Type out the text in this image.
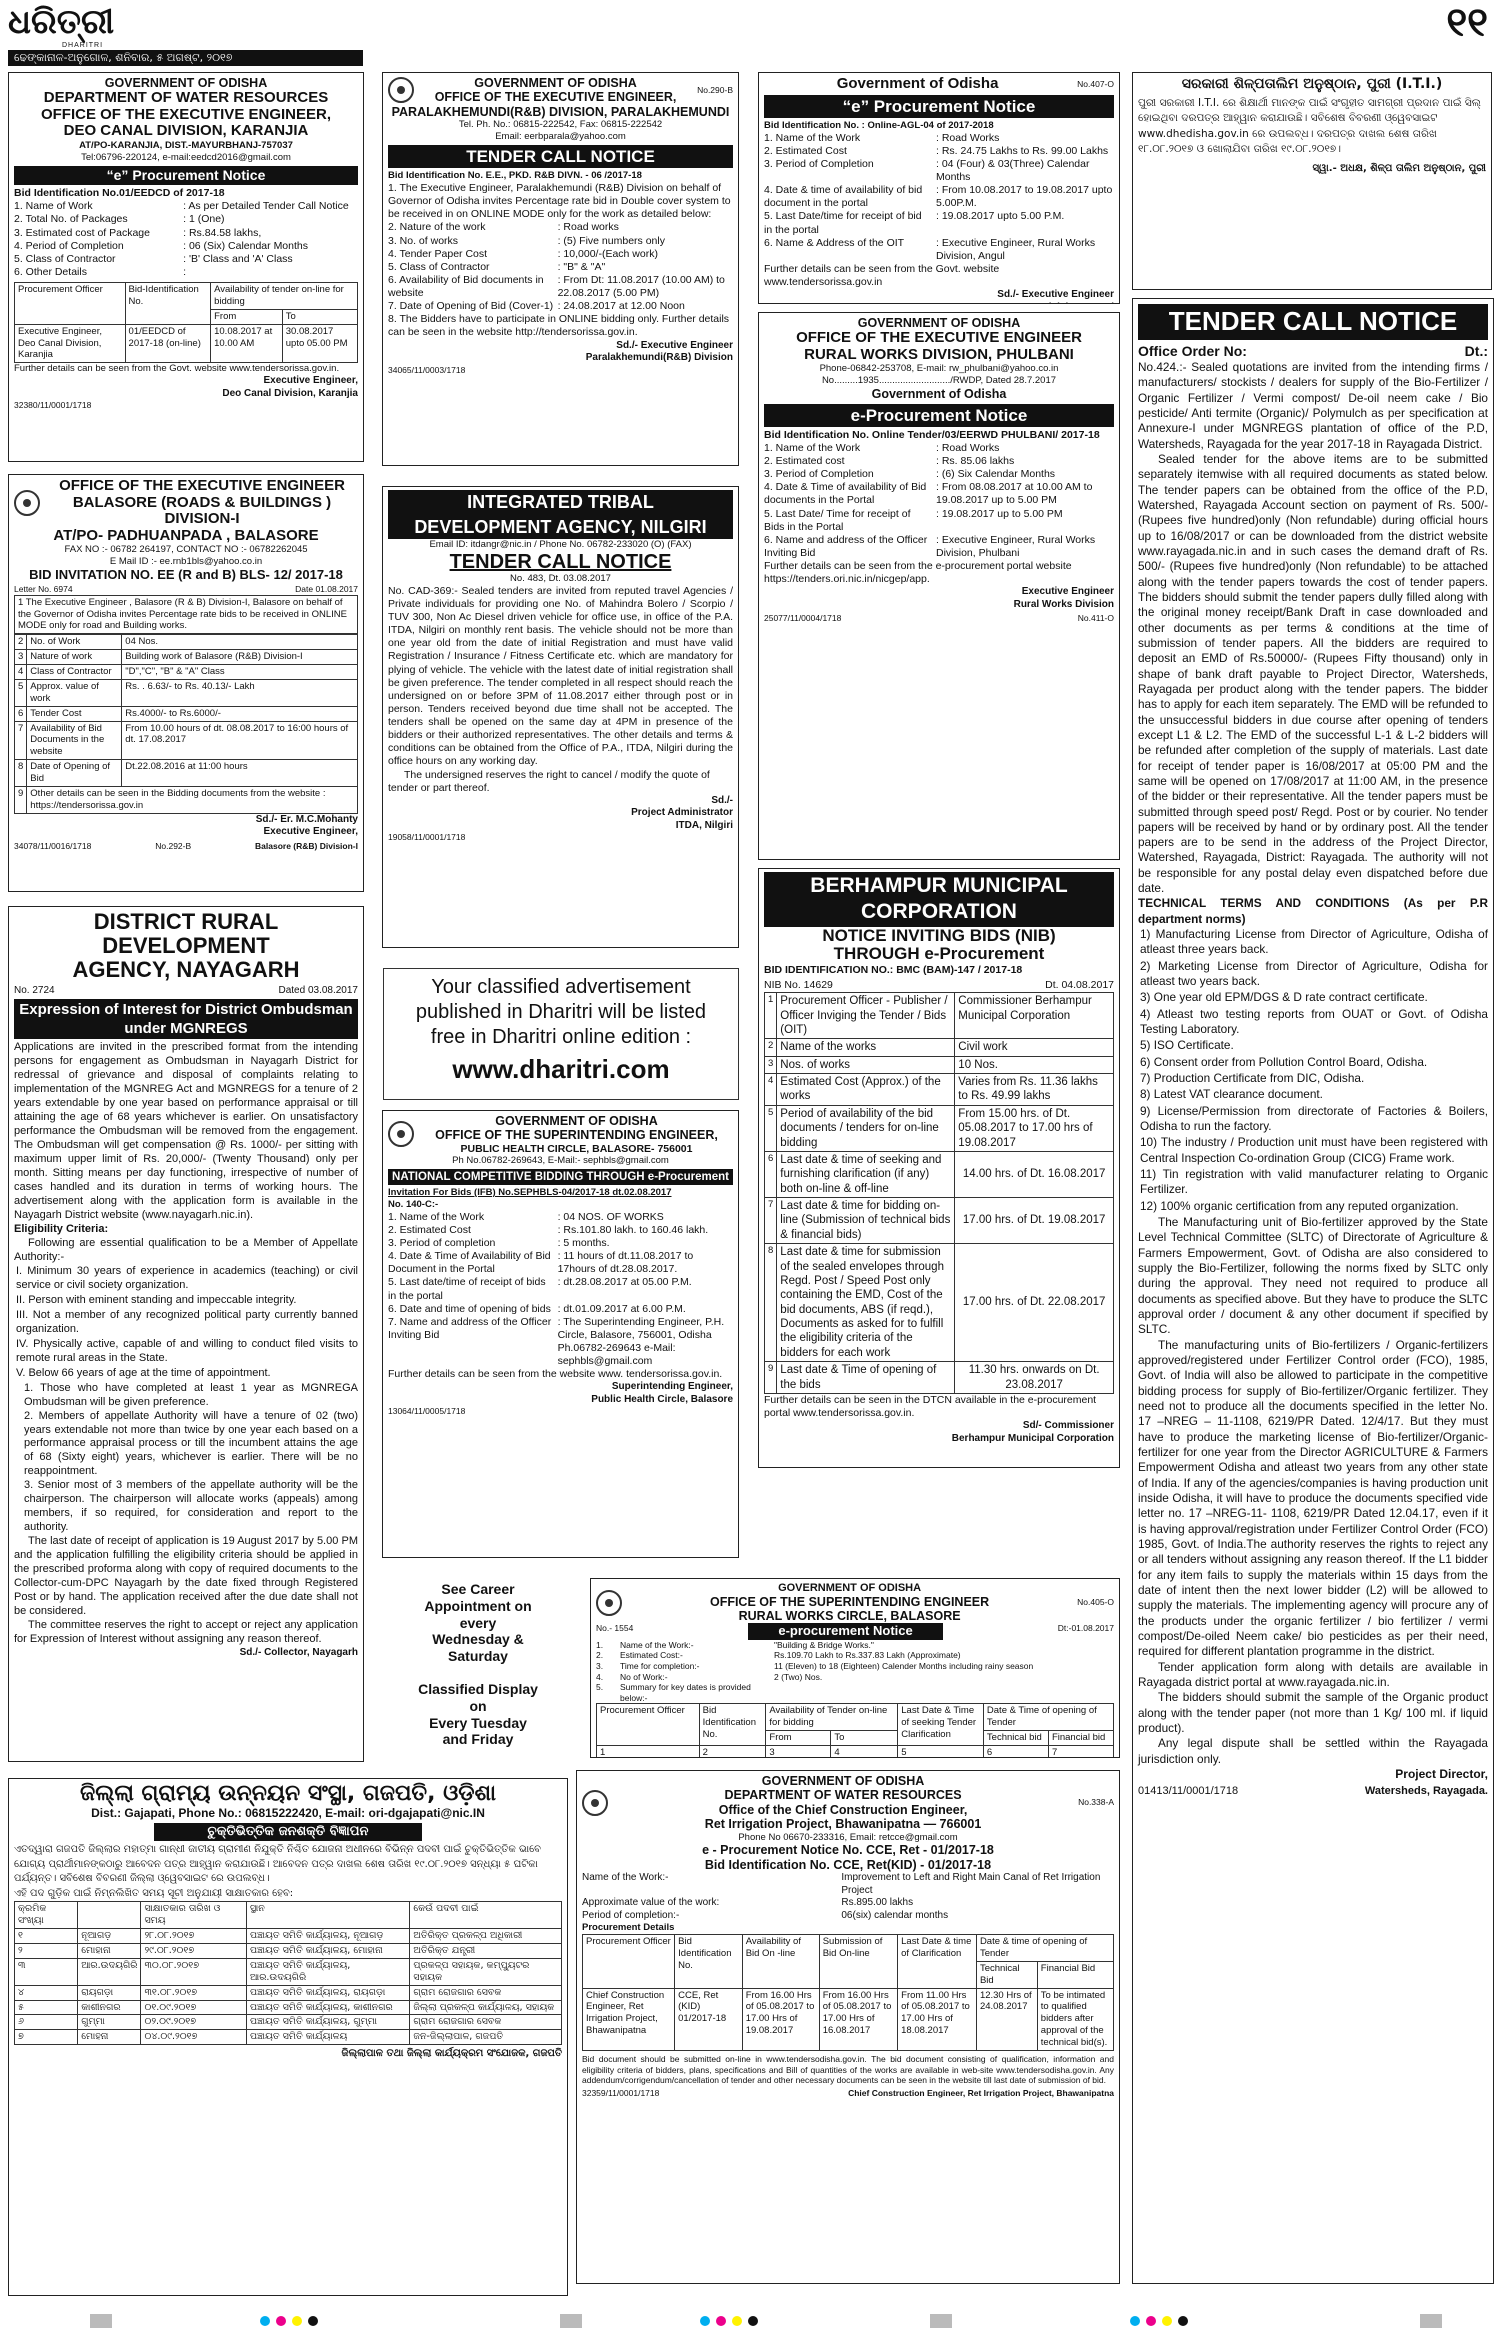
ଧରିତ୍ରୀ
DHARITRI
ଢେଙ୍କାନାଳ-ଅନୁଗୋଳ, ଶନିବାର, ୫ ଅଗଷ୍ଟ, ୨୦୧୭
୧୧
GOVERNMENT OF ODISHA
DEPARTMENT OF WATER RESOURCES
OFFICE OF THE EXECUTIVE ENGINEER,
DEO CANAL DIVISION, KARANJIA
AT/PO-KARANJIA, DIST.-MAYURBHANJ-757037
Tel:06796-220124, e-mail:eedcd2016@gmail.com
“e” Procurement Notice
Bid Identification No.01/EEDCD of 2017-18
1. Name of Work	: As per Detailed Tender Call Notice
2. Total No. of Packages	: 1 (One)
3. Estimated cost of Package	: Rs.84.58 lakhs,
4. Period of Completion	: 06 (Six) Calendar Months
5. Class of Contractor	: 'B' Class and 'A' Class
6. Other Details	:
Procurement Officer	Bid-Identification No.	Availability of tender on-line for bidding	
		From	To
Executive Engineer, Deo Canal Division, Karanjia	01/EEDCD of 2017-18 (on-line)	10.08.2017 at 10.00 AM	30.08.2017 upto 05.00 PM
Further details can be seen from the Govt. website www.tendersorissa.gov.in.
Executive Engineer,
Deo Canal Division, Karanjia
32380/11/0001/1718
GOVERNMENT OF ODISHA
OFFICE OF THE EXECUTIVE ENGINEER,
No.290-B
PARALAKHEMUNDI(R&B) DIVISION, PARALAKHEMUNDI
Tel. Ph. No.: 06815-222542, Fax: 06815-222542
Email: eerbparala@yahoo.com
TENDER CALL NOTICE
Bid Identification No. E.E., PKD. R&B DIVN. - 06 /2017-18
1. The Executive Engineer, Paralakhemundi (R&B) Division on behalf of Governor of Odisha invites Percentage rate bid in Double cover system to be received in on ONLINE MODE only for the work as detailed below:
2. Nature of the work	: Road works
3. No. of works	: (5) Five numbers only
4. Tender Paper Cost	: 10,000/-(Each work)
5. Class of Contractor	: "B" & "A"
6. Availability of Bid documents in website
: From Dt: 11.08.2017 (10.00 AM) to 22.08.2017 (5.00 PM)
7. Date of Opening of Bid (Cover-1) : 24.08.2017 at 12.00 Noon
8. The Bidders have to participate in ONLINE bidding only. Further details can be seen in the website http://tendersorissa.gov.in.
Sd./- Executive Engineer
Paralakhemundi(R&B) Division
34065/11/0003/1718
Government of Odisha	No.407-O
“e” Procurement Notice
Bid Identification No. : Online-AGL-04 of 2017-2018
1. Name of the Work	: Road Works
2. Estimated Cost	: Rs. 24.75 Lakhs to Rs. 99.00 Lakhs
3. Period of Completion	: 04 (Four) & 03(Three) Calendar Months
4. Date & time of availability of bid document in the portal
: From 10.08.2017 to 19.08.2017 upto 5.00P.M.
5. Last Date/time for receipt of bid in the portal
: 19.08.2017 upto 5.00 P.M.
6. Name & Address of the OIT	: Executive Engineer, Rural Works Division, Angul
Further details can be seen from the Govt. website www.tendersorissa.gov.in
Sd./- Executive Engineer
ସରକାରୀ ଶିଳ୍ପତାଲିମ ଅନୁଷ୍ଠାନ, ପୁରୀ (I.T.I.)
ପୁରୀ ସରକାରୀ I.T.I. ରେ ଶିକ୍ଷାର୍ଥୀ ମାନଙ୍କ ପାଇଁ ସଂଗୃହୀତ ସାମଗ୍ରୀ ପ୍ରଦାନ ପାଇଁ ସିଲ୍ ହୋଇଥିବା ଦରପତ୍ର ଆହ୍ୱାନ କରାଯାଉଛି। ସବିଶେଷ ବିବରଣୀ ଓ୍ୱେବସାଇଟ www.dhedisha.gov.in ରେ ଉପଲବ୍ଧ। ଦରପତ୍ର ଦାଖଲ ଶେଷ ତାରିଖ ୧୮.୦୮.୨୦୧୭ ଓ ଖୋଲାଯିବା ତାରିଖ ୧୯.୦୮.୨୦୧୭।
ସ୍ୱା.- ଅଧକ୍ଷ, ଶିଳ୍ପ ତାଲିମ ଅନୁଷ୍ଠାନ, ପୁରୀ
GOVERNMENT OF ODISHA
OFFICE OF THE EXECUTIVE ENGINEER
RURAL WORKS DIVISION, PHULBANI
Phone-06842-253708, E-mail: rw_phulbani@yahoo.co.in
No.........1935.........................../RWDP, Dated 28.7.2017
Government of Odisha
e-Procurement Notice
Bid Identification No. Online Tender/03/EERWD PHULBANI/ 2017-18
1. Name of the Work	: Road Works
2. Estimated cost	: Rs. 85.06 lakhs
3. Period of Completion	: (6) Six Calendar Months
4. Date & Time of availability of Bid documents in the Portal
: From 08.08.2017 at 10.00 AM to 19.08.2017 up to 5.00 PM
5. Last Date/ Time for receipt of Bids in the Portal
: 19.08.2017 up to 5.00 PM
6. Name and address of the Officer Inviting Bid
: Executive Engineer, Rural Works Division, Phulbani
Further details can be seen from the e-procurement portal website https://tenders.ori.nic.in/nicgep/app.
Executive Engineer
Rural Works Division
25077/11/0004/1718	No.411-O
TENDER CALL NOTICE
Office Order No:	Dt.:
No.424.:- Sealed quotations are invited from the intending firms / manufacturers/ stockists / dealers for supply of the Bio-Fertilizer / Organic Fertilizer / Vermi compost/ De-oil neem cake / Bio pesticide/ Anti termite (Organic)/ Polymulch as per specification at Annexure-I under MGNREGS plantation of office of the P.D, Watersheds, Rayagada for the year 2017-18 in Rayagada District.
Sealed tender for the above items are to be submitted separately itemwise with all required documents as stated below. The tender papers can be obtained from the office of the P.D, Watershed, Rayagada Account section on payment of Rs. 500/- (Rupees five hundred)only (Non refundable) during official hours up to 16/08/2017 or can be downloaded from the district website www.rayagada.nic.in and in such cases the demand draft of Rs. 500/- (Rupees five hundred)only (Non refundable) to be attached along with the tender papers towards the cost of tender papers. The bidders should submit the tender papers dully filled along with the original money receipt/Bank Draft in case downloaded and other documents as per terms & conditions at the time of submission of tender papers. All the bidders are required to deposit an EMD of Rs.50000/- (Rupees Fifty thousand) only in shape of bank draft payable to Project Director, Watersheds, Rayagada per product along with the tender papers. The bidder has to apply for each item separately. The EMD will be refunded to the unsuccessful bidders in due course after opening of tenders except L1 & L2. The EMD of the successful L-1 & L-2 bidders will be refunded after completion of the supply of materials. Last date for receipt of tender paper is 16/08/2017 at 05:00 PM and the same will be opened on 17/08/2017 at 11:00 AM, in the presence of the bidder or their representative. All the tender papers must be submitted through speed post/ Regd. Post or by courier. No tender papers will be received by hand or by ordinary post. All the tender papers are to be send in the address of the Project Director, Watershed, Rayagada, District: Rayagada. The authority will not be responsible for any postal delay even dispatched before due date.
TECHNICAL TERMS AND CONDITIONS (As per P.R department norms)
1) Manufacturing License from Director of Agriculture, Odisha of atleast three years back.
2) Marketing License from Director of Agriculture, Odisha for atleast two years back.
3) One year old EPM/DGS & D rate contract certificate.
4) Atleast two testing reports from OUAT or Govt. of Odisha Testing Laboratory.
5) ISO Certificate.
6) Consent order from Pollution Control Board, Odisha.
7) Production Certificate from DIC, Odisha.
8) Latest VAT clearance document.
9) License/Permission from directorate of Factories & Boilers, Odisha to run the factory.
10) The industry / Production unit must have been registered with Central Inspection Co-ordination Group (CICG) Frame work.
11) Tin registration with valid manufacturer relating to Organic Fertilizer.
12) 100% organic certification from any reputed organization.
The Manufacturing unit of Bio-fertilizer approved by the State Level Technical Committee (SLTC) of Directorate of Agriculture & Farmers Empowerment, Govt. of Odisha are also considered to supply the Bio-Fertilizer, following the norms fixed by SLTC only during the approval. They need not required to produce all documents as specified above. But they have to produce the SLTC approval order / document & any other document if specified by SLTC.
The manufacturing units of Bio-fertilizers / Organic-fertilizers approved/registered under Fertilizer Control order (FCO), 1985, Govt. of India will also be allowed to participate in the competitive bidding process for supply of Bio-fertilizer/Organic fertilizer. They need not to produce all the documents specified in the letter No. 17 –NREG – 11-1108, 6219/PR Dated. 12/4/17. But they must have to produce the marketing license of Bio-fertilizer/Organic-fertilizer for one year from the Director AGRICULTURE & Farmers Empowerment Odisha and atleast two years from any other state of India. If any of the agencies/companies is having production unit inside Odisha, it will have to produce the documents specified vide letter no. 17 –NREG-11- 1108, 6219/PR Dated 12.04.17, even if it is having approval/registration under Fertilizer Control Order (FCO) 1985, Govt. of India.The authority reserves the rights to reject any or all tenders without assigning any reason thereof. If the L1 bidder for any item fails to supply the materials within 15 days from the date of intent then the next lower bidder (L2) will be allowed to supply the materials. The implementing agency will procure any of the products under the organic fertilizer / bio fertilizer / vermi compost/De-oiled Neem cake/ bio pesticides as per their need, required for different plantation programme in the district.
Tender application form along with details are available in Rayagada district portal at www.rayagada.nic.in.
The bidders should submit the sample of the Organic product along with the tender paper (not more than 1 Kg/ 100 ml. if liquid product).
Any legal dispute shall be settled within the Rayagada jurisdiction only.
Project Director,
01413/11/0001/1718	Watersheds, Rayagada.
OFFICE OF THE EXECUTIVE ENGINEER
BALASORE (ROADS & BUILDINGS ) DIVISION-I
AT/PO- PADHUANPADA , BALASORE
FAX NO :- 06782 264197, CONTACT NO :- 06782262045
E Mail ID :- ee.rnb1bls@yahoo.co.in
BID INVITATION NO. EE (R and B) BLS- 12/ 2017-18
Letter No. 6974	Date 01.08.2017
1 The Executive Engineer , Balasore (R & B) Division-I, Balasore on behalf of the Governor of Odisha invites Percentage rate bids to be received in ONLINE MODE only for road and Building works.
2	No. of Work	04 Nos.
3	Nature of work	Building work of Balasore (R&B) Division-I
4	Class of Contractor	"D","C", "B" & "A" Class
5	Approx. value of work	Rs. . 6.63/- to Rs. 40.13/- Lakh
6	Tender Cost	Rs.4000/- to Rs.6000/-
7	Availability of Bid Documents in the website	From 10.00 hours of dt. 08.08.2017 to 16:00 hours of dt. 17.08.2017
8	Date of Opening of Bid	Dt.22.08.2016 at 11:00 hours
9	Other details can be seen in the Bidding documents from the website : https://tendersorissa.gov.in	
Sd./- Er. M.C.Mohanty
Executive Engineer,
34078/11/0016/1718	No.292-B	Balasore (R&B) Division-I
INTEGRATED TRIBAL
DEVELOPMENT AGENCY, NILGIRI
Email ID: itdangr@nic.in / Phone No. 06782-233020 (O) (FAX)
TENDER CALL NOTICE
No. 483, Dt. 03.08.2017
No. CAD-369:- Sealed tenders are invited from reputed travel Agencies / Private individuals for providing one No. of Mahindra Bolero / Scorpio / TUV 300, Non Ac Diesel driven vehicle for office use, in office of the P.A. ITDA, Nilgiri on monthly rent basis. The vehicle should not be more than one year old from the date of initial Registration and must have valid Registration / Insurance / Fitness Certificate etc. which are mandatory for plying of vehicle. The vehicle with the latest date of initial registration shall be given preference. The tender completed in all respect should reach the undersigned on or before 3PM of 11.08.2017 either through post or in person. Tenders received beyond due time shall not be accepted. The tenders shall be opened on the same day at 4PM in presence of the bidders or their authorized representatives. The other details and terms & conditions can be obtained from the Office of P.A., ITDA, Nilgiri during the office hours on any working day.
The undersigned reserves the right to cancel / modify the quote of tender or part thereof.
Sd./-
Project Administrator
ITDA, Nilgiri
19058/11/0001/1718
DISTRICT RURAL DEVELOPMENT
AGENCY, NAYAGARH
No. 2724	Dated 03.08.2017
Expression of Interest for District Ombudsman under MGNREGS
Applications are invited in the prescribed format from the intending persons for engagement as Ombudsman in Nayagarh District for redressal of grievance and disposal of complaints relating to implementation of the MGNREG Act and MGNREGS for a tenure of 2 years extendable by one year based on performance appraisal or till attaining the age of 68 years whichever is earlier. On unsatisfactory performance the Ombudsman will be removed from the engagement. The Ombudsman will get compensation @ Rs. 1000/- per sitting with maximum upper limit of Rs. 20,000/- (Twenty Thousand) only per month. Sitting means per day functioning, irrespective of number of cases handled and its duration in terms of working hours. The advertisement along with the application form is available in the Nayagarh District website (www.nayagarh.nic.in).
Eligibility Criteria:
Following are essential qualification to be a Member of Appellate Authority:-
I. Minimum 30 years of experience in academics (teaching) or civil service or civil society organization.
II. Person with eminent standing and impeccable integrity.
III. Not a member of any recognized political party currently banned organization.
IV. Physically active, capable of and willing to conduct filed visits to remote rural areas in the State.
V. Below 66 years of age at the time of appointment.
1. Those who have completed at least 1 year as MGNREGA Ombudsman will be given preference.
2. Members of appellate Authority will have a tenure of 02 (two) years extendable not more than twice by one year each based on a performance appraisal process or till the incumbent attains the age of 68 (Sixty eight) years, whichever is earlier. There will be no reappointment.
3. Senior most of 3 members of the appellate authority will be the chairperson. The chairperson will allocate works (appeals) among members, if so required, for consideration and report to the authority.
The last date of receipt of application is 19 August 2017 by 5.00 PM and the application fulfilling the eligibility criteria should be applied in the prescribed proforma along with copy of required documents to the Collector-cum-DPC Nayagarh by the date fixed through Registered Post or by hand. The application received after the due date shall not be considered.
The committee reserves the right to accept or reject any application for Expression of Interest without assigning any reason thereof.
Sd./- Collector, Nayagarh
Your classified advertisement
published in Dharitri will be listed
free in Dharitri online edition :
www.dharitri.com
BERHAMPUR MUNICIPAL CORPORATION
NOTICE INVITING BIDS (NIB)
THROUGH e-Procurement
BID IDENTIFICATION NO.: BMC (BAM)-147 / 2017-18
NIB No. 14629	Dt. 04.08.2017
1	Procurement Officer - Publisher / Officer Inviging the Tender / Bids (OIT)	Commissioner Berhampur Municipal Corporation
2	Name of the works	Civil work
3	Nos. of works	10 Nos.
4	Estimated Cost (Approx.) of the works	Varies from Rs. 11.36 lakhs to Rs. 49.99 lakhs
5	Period of availability of the bid documents / tenders for on-line bidding	From 15.00 hrs. of Dt. 05.08.2017 to 17.00 hrs of 19.08.2017
6	Last date & time of seeking and furnishing clarification (if any) both on-line & off-line	14.00 hrs. of Dt. 16.08.2017
7	Last date & time for bidding on-line (Submission of technical bids & financial bids)	17.00 hrs. of Dt. 19.08.2017
8	Last date & time for submission of the sealed envelopes through Regd. Post / Speed Post only containing the EMD, Cost of the bid documents, ABS (if reqd.), Documents as asked for to fulfill the eligibility criteria of the bidders for each work	17.00 hrs. of Dt. 22.08.2017
9	Last date & Time of opening of the bids	11.30 hrs. onwards on Dt. 23.08.2017
Further details can be seen in the DTCN available in the e-procurement portal www.tendersorissa.gov.in.
Sd/- Commissioner
Berhampur Municipal Corporation
GOVERNMENT OF ODISHA
OFFICE OF THE SUPERINTENDING ENGINEER,
PUBLIC HEALTH CIRCLE, BALASORE- 756001
Ph No.06782-269643, E-Mail:- sephbls@gmail.com
NATIONAL COMPETITIVE BIDDING THROUGH e-Procurement
Invitation For Bids (IFB) No.SEPHBLS-04/2017-18 dt.02.08.2017
No. 140-C:-
1. Name of the Work	: 04 NOS. OF WORKS
2. Estimated Cost	: Rs.101.80 lakh. to 160.46 lakh.
3. Period of completion	: 5 months.
4. Date & Time of Availability of Bid Document in the Portal
: 11 hours of dt.11.08.2017 to 17hours of dt.28.08.2017.
5. Last date/time of receipt of bids in the portal
: dt.28.08.2017 at 05.00 P.M.
6. Date and time of opening of bids : dt.01.09.2017 at 6.00 P.M.
7. Name and address of the Officer Inviting Bid
: The Superintending Engineer, P.H. Circle, Balasore, 756001, Odisha Ph.06782-269643 e-Mail: sephbls@gmail.com
Further details can be seen from the website www. tendersorissa.gov.in.
Superintending Engineer,
Public Health Circle, Balasore
13064/11/0005/1718
See Career
Appointment on
every
Wednesday &
Saturday
Classified Display
on
Every Tuesday
and Friday
GOVERNMENT OF ODISHA
OFFICE OF THE SUPERINTENDING ENGINEER
RURAL WORKS CIRCLE, BALASORE
No.405-O
No.- 1554	e-procurement Notice	Dt:-01.08.2017
1.	Name of the Work:-	"Building & Bridge Works."
2.	Estimated Cost:-	Rs.109.70 Lakh to Rs.337.83 Lakh (Approximate)
3.	Time for completion:-	11 (Eleven) to 18 (Eighteen) Calender Months including rainy season
4.	No of Work:-	2 (Two) Nos.
5.	Summary for key dates is provided below:-
Procurement Officer	Bid Identification No.	Availability of Tender on-line for bidding		Last Date & Time of seeking Tender Clarification	Date & Time of opening of Tender	
		From	To		Technical bid	Financial bid
1	2	3	4	5	6	7

ଜିଲ୍ଲା ଗ୍ରାମ୍ୟ ଉନ୍ନୟନ ସଂସ୍ଥା, ଗଜପତି, ଓଡ଼ିଶା
Dist.: Gajapati, Phone No.: 06815222420, E-mail: ori-dgajapati@nic.IN
ଚୁକ୍ତିଭିତ୍ତିକ ଜନଶକ୍ତି ବିଜ୍ଞାପନ
ଏତଦ୍ୱାରା ଗଜପତି ଜିଲ୍ଲାର ମହାତ୍ମା ଗାନ୍ଧୀ ଜାତୀୟ ଗ୍ରାମୀଣ ନିଯୁକ୍ତି ନିଶ୍ଚିତ ଯୋଜନା ଅଧୀନରେ ବିଭିନ୍ନ ପଦବୀ ପାଇଁ ଚୁକ୍ତିଭିତ୍ତିକ ଭାବେ ଯୋଗ୍ୟ ପ୍ରାର୍ଥୀମାନଙ୍କଠାରୁ ଆବେଦନ ପତ୍ର ଆହ୍ୱାନ କରାଯାଉଛି। ଆବେଦନ ପତ୍ର ଦାଖଲ ଶେଷ ତାରିଖ ୧୯.୦୮.୨୦୧୭ ସନ୍ଧ୍ୟା ୫ ଘଟିକା ପର୍ଯ୍ୟନ୍ତ। ସବିଶେଷ ବିବରଣୀ ଜିଲ୍ଲା ଓ୍ୱେବସାଇଟ ରେ ଉପଲବ୍ଧ।
ଏହି ପଦ ଗୁଡ଼ିକ ପାଇଁ ନିମ୍ନଲିଖିତ ସମୟ ସୂଚୀ ଅନୁଯାୟୀ ସାକ୍ଷାତକାର ହେବ:
କ୍ରମିକ ସଂଖ୍ୟା		ସାକ୍ଷାତକାର ତାରିଖ ଓ ସମୟ	ସ୍ଥାନ	କେଉଁ ପଦବୀ ପାଇଁ
୧	ନୂଆଗଡ଼	୨୮.୦୮.୨୦୧୭	ପଞ୍ଚାୟତ ସମିତି କାର୍ଯ୍ୟାଳୟ, ନୂଆଗଡ଼	ଅତିରିକ୍ତ ପ୍ରକଳ୍ପ ଅଧିକାରୀ
୨	ମୋହାନା	୨୯.୦୮.୨୦୧୭	ପଞ୍ଚାୟତ ସମିତି କାର୍ଯ୍ୟାଳୟ, ମୋହାନା	ଅତିରିକ୍ତ ଯନ୍ତ୍ରୀ
୩	ଆର.ଉଦୟଗିରି	୩୦.୦୮.୨୦୧୭	ପଞ୍ଚାୟତ ସମିତି କାର୍ଯ୍ୟାଳୟ, ଆର.ଉଦୟଗିରି	ପ୍ରକଳ୍ପ ସହାୟକ, କମ୍ପ୍ୟୁଟର ସହାୟକ
୪	ରାୟଗଡ଼ା	୩୧.୦୮.୨୦୧୭	ପଞ୍ଚାୟତ ସମିତି କାର୍ଯ୍ୟାଳୟ, ରାୟଗଡ଼ା	ଗ୍ରାମ ରୋଜଗାର ସେବକ
୫	କାଶୀନଗର	୦୧.୦୯.୨୦୧୭	ପଞ୍ଚାୟତ ସମିତି କାର୍ଯ୍ୟାଳୟ, କାଶୀନଗର	ଜିଲ୍ଲା ପ୍ରକଳ୍ପ କାର୍ଯ୍ୟାଳୟ, ସହାୟକ
୬	ଗୁମ୍ମା	୦୨.୦୯.୨୦୧୭	ପଞ୍ଚାୟତ ସମିତି କାର୍ଯ୍ୟାଳୟ, ଗୁମ୍ମା	ଗ୍ରାମ ରୋଜଗାର ସେବକ
୭	ମୋହନା	୦୪.୦୯.୨୦୧୭	ପଞ୍ଚାୟତ ସମିତି କାର୍ଯ୍ୟାଳୟ	ଜନ-ଜିଲ୍ଲାପାଳ, ଗଜପତି
ଜିଲ୍ଲାପାଳ ତଥା ଜିଲ୍ଲା କାର୍ଯ୍ୟକ୍ରମ ସଂଯୋଜକ, ଗଜପତି
GOVERNMENT OF ODISHA
DEPARTMENT OF WATER RESOURCES
Office of the Chief Construction Engineer,
Ret Irrigation Project, Bhawanipatna — 766001
No.338-A
Phone No 06670-233316, Email: retcce@gmail.com
e - Procurement Notice No. CCE, Ret - 01/2017-18
Bid Identification No. CCE, Ret(KID) - 01/2017-18
Name of the Work:-	Improvement to Left and Right Main Canal of Ret Irrigation Project
Approximate value of the work:	Rs.895.00 lakhs
Period of completion:-	06(six) calendar months
Procurement Details
Procurement Officer	Bid Identification No.	Availability of Bid On -line	Submission of Bid On-line	Last Date & time of Clarification	Date & time of opening of Tender	
					Technical Bid	Financial Bid
Chief Construction Engineer, Ret Irrigation Project, Bhawanipatna	CCE, Ret (KID) 01/2017-18	From 16.00 Hrs of 05.08.2017 to 17.00 Hrs of 19.08.2017	From 16.00 Hrs of 05.08.2017 to 17.00 Hrs of 16.08.2017	From 11.00 Hrs of 05.08.2017 to 17.00 Hrs of 18.08.2017	12.30 Hrs of 24.08.2017	To be intimated to qualified bidders after approval of the technical bid(s).
Bid document should be submitted on-line in www.tendersodisha.gov.in. The bid document consisting of qualification, information and eligibility criteria of bidders, plans, specifications and Bill of quantities of the works are available in web-site www.tendersodisha.gov.in. Any addendum/corrigendum/cancellation of tender and other necessary documents can be seen in the website till last date of submission of bid.
32359/11/0001/1718	Chief Construction Engineer, Ret Irrigation Project, Bhawanipatna
